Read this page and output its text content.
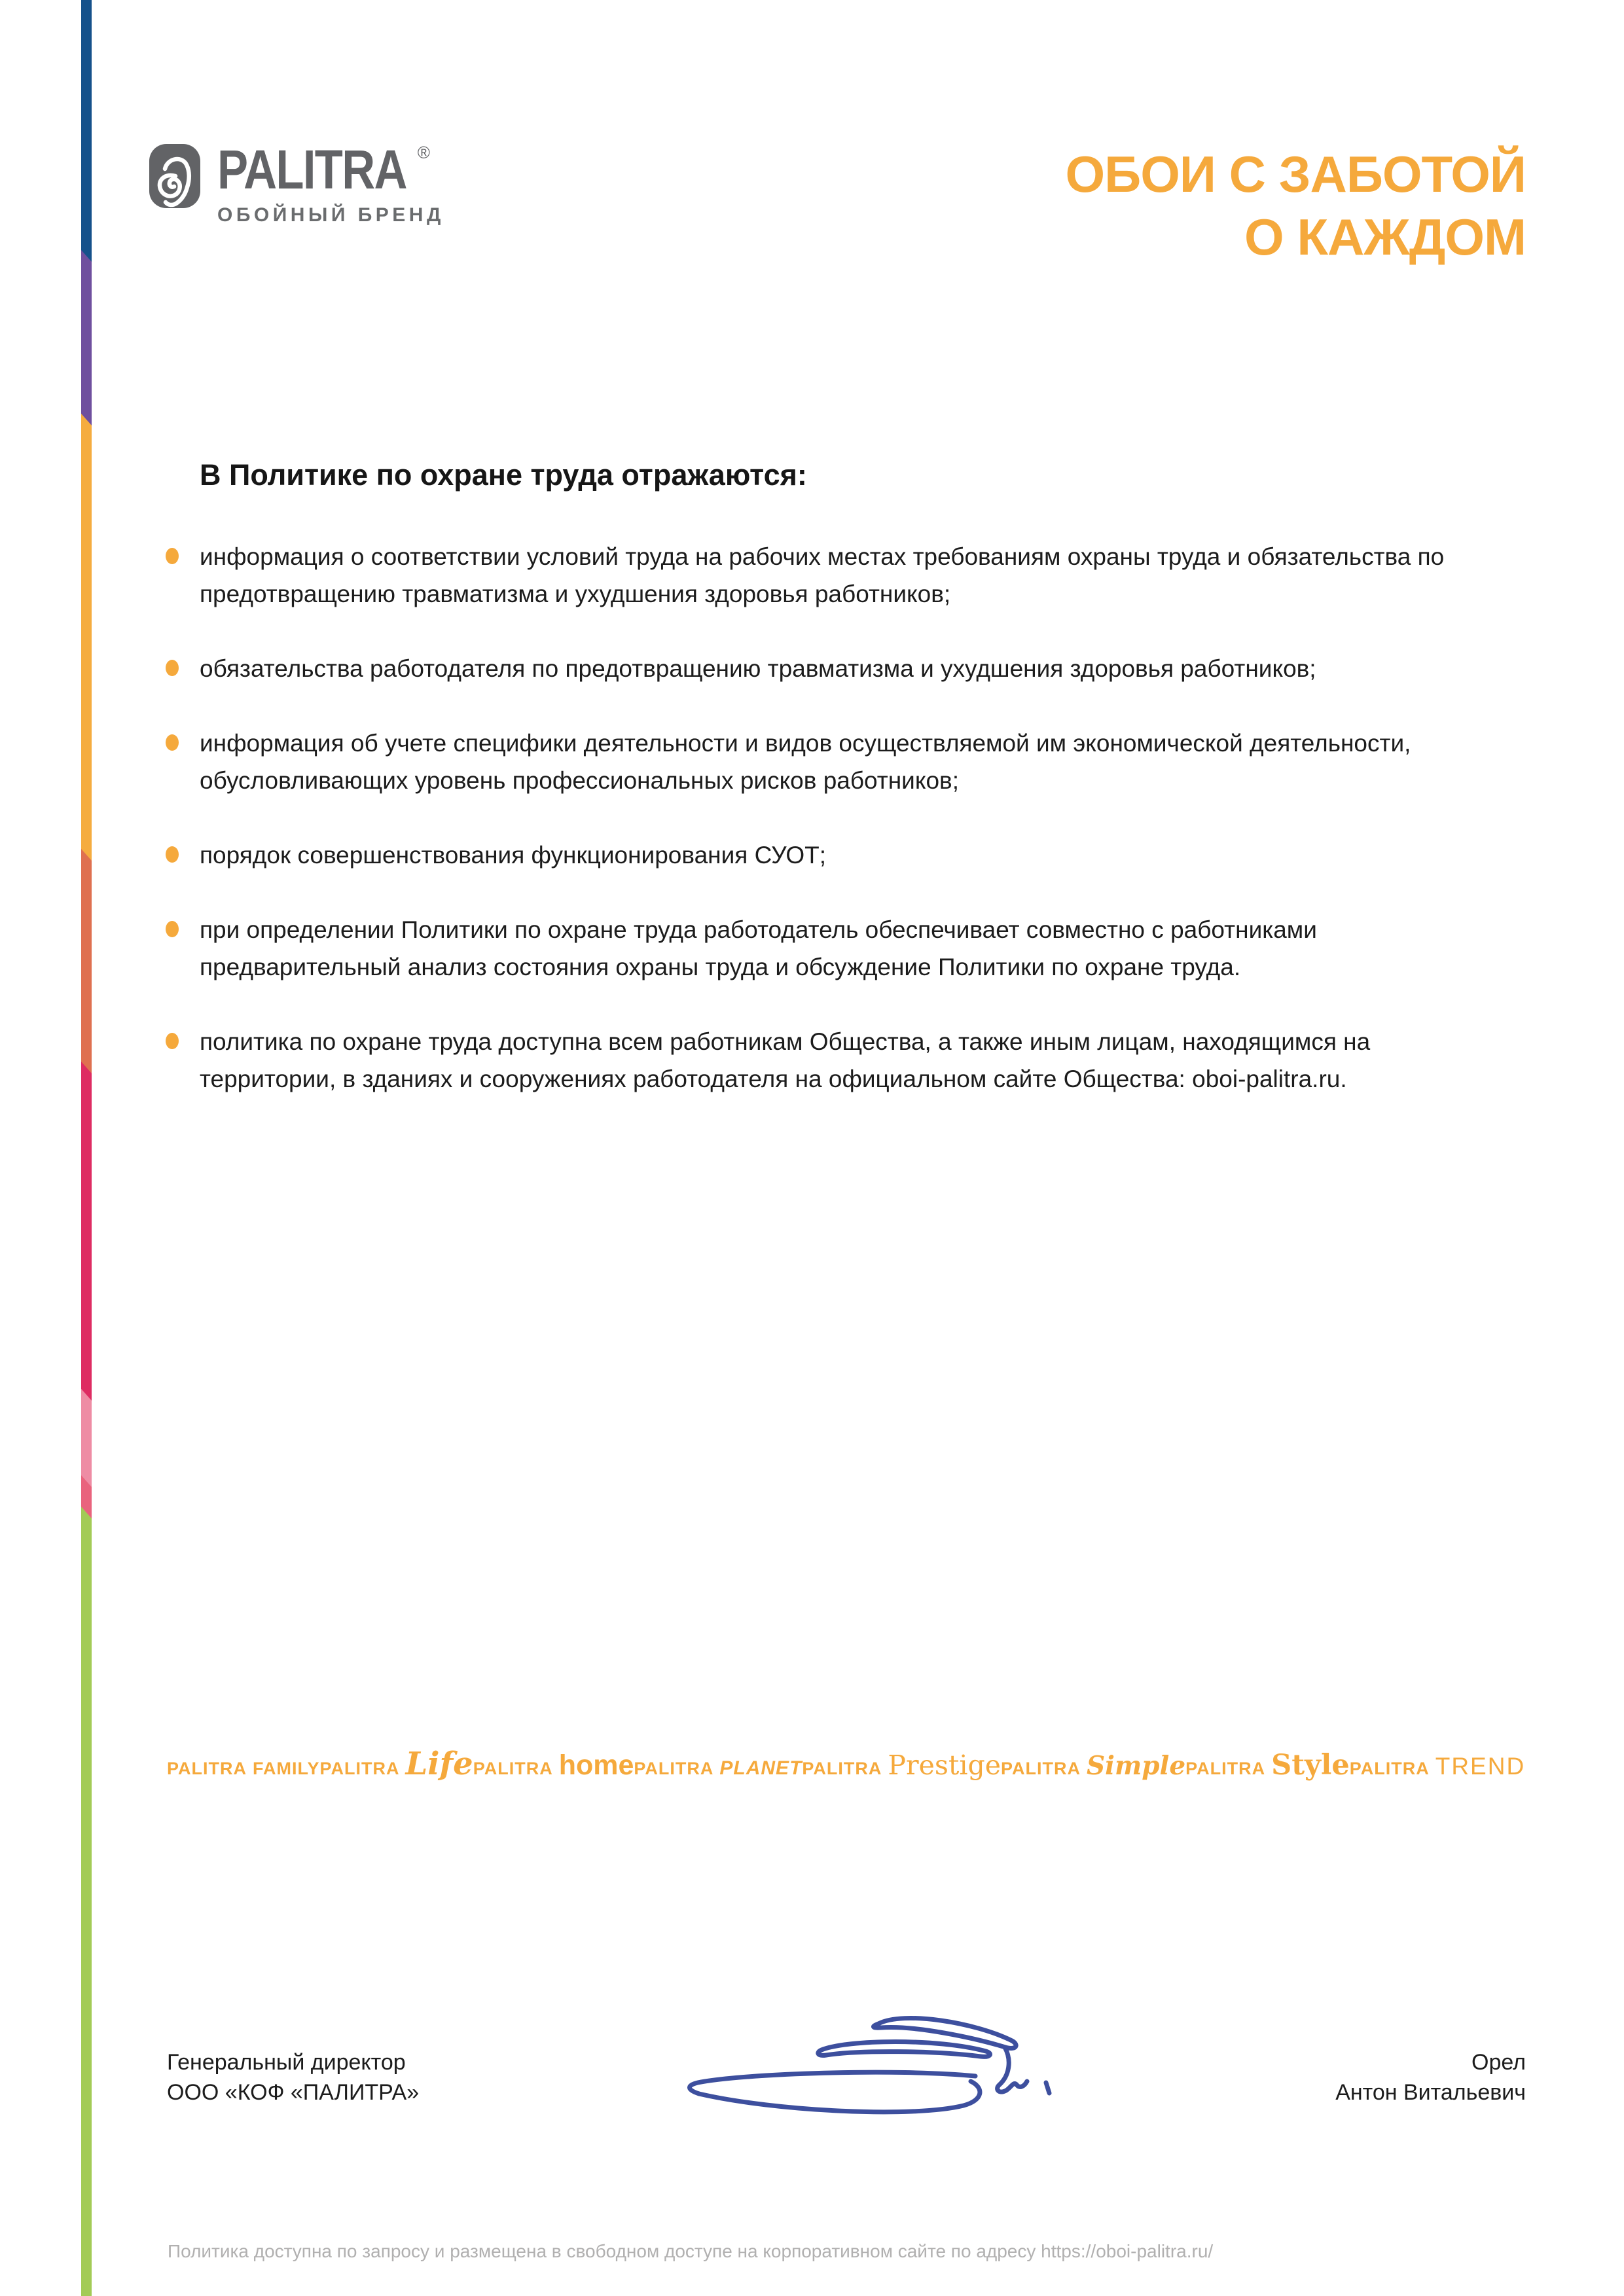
PALITRA ®
ОБОЙНЫЙ БРЕНД
ОБОИ С ЗАБОТОЙ
О КАЖДОМ
В Политике по охране труда отражаются:

информация о соответствии условий труда на рабочих местах требованиям охраны труда и обязательства по предотвращению травматизма и ухудшения здоровья работников;

обязательства работодателя по предотвращению травматизма и ухудшения здоровья работников;

информация об учете специфики деятельности и видов осуществляемой им экономической деятельности, обусловливающих уровень профессиональных рисков работников;

порядок совершенствования функционирования СУОТ;

при определении Политики по охране труда работодатель обеспечивает совместно с работниками предварительный анализ состояния охраны труда и обсуждение Политики по охране труда.

политика по охране труда доступна всем работникам Общества, а также иным лицам, находящимся на территории, в зданиях и сооружениях работодателя на официальном сайте Общества: oboi-palitra.ru.

PALITRA FAMILY PALITRA Life PALITRA home PALITRA PLANET PALITRA Prestige PALITRA Simple PALITRA Style PALITRA TREND
Генеральный директор
ООО «КОФ «ПАЛИТРА»
Орел
Антон Витальевич
Политика доступна по запросу и размещена в свободном доступе на корпоративном сайте по адресу https://oboi-palitra.ru/
